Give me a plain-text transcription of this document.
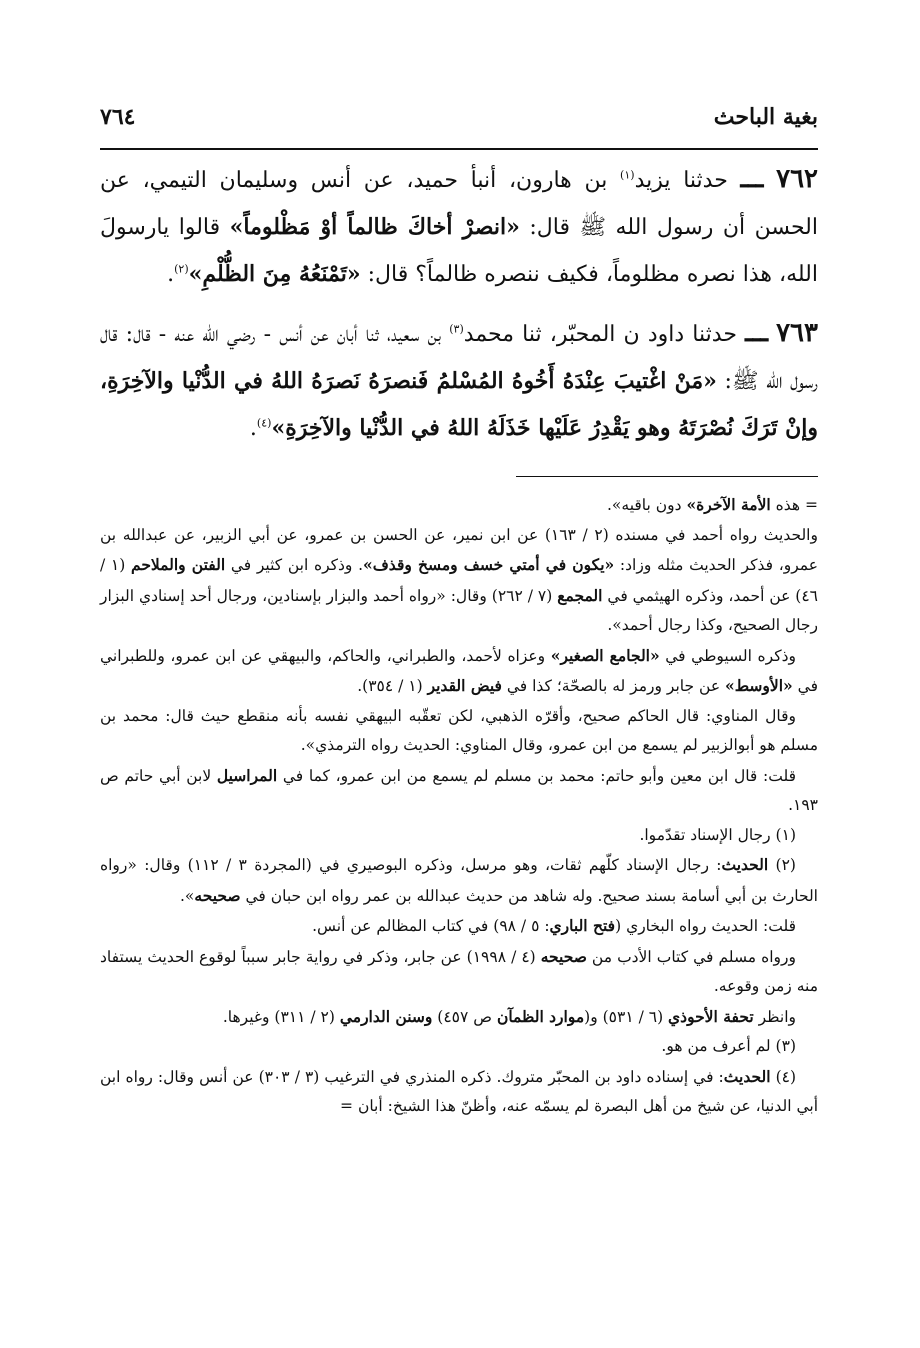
بغية الباحث
٧٦٤

٧٦٢ ـــ حدثنا يزيد$^{(١)}$ بن هارون، أنبأ حميد، عن أنس وسليمان التيمي، عن الحسن أن رسول الله ﷺ قال: «انصرْ أخاكَ ظالماً أوْ مَظْلوماً» قالوا يارسولَ الله، هذا نصره مظلوماً، فكيف ننصره ظالماً؟ قال: «تَمْنَعُهُ مِنَ الظُّلْمِ»$^{(٢)}$.

٧٦٣ ـــ حدثنا داود ن المحبّر، ثنا محمد$^{(٣)}$ بن سعيد، ثنا أبان عن أنس - رضي الله عنه - قال: قال رسول الله ﷺ: «مَنْ اغْتيبَ عِنْدَهُ أَخُوهُ المُسْلمُ فَنصرَهُ نَصرَهُ اللهُ في الدُّنْيا والآخِرَةِ، وإنْ تَرَكَ نُصْرَتَهُ وهو يَقْدِرُ عَلَيْها خَذَلَهُ اللهُ في الدُّنْيا والآخِرَةِ»$^{(٤)}$.

= هذه الأمة الآخرة» دون باقيه».

والحديث رواه أحمد في مسنده (٢ / ١٦٣) عن ابن نمير، عن الحسن بن عمرو، عن أبي الزبير، عن عبدالله بن عمرو، فذكر الحديث مثله وزاد: «يكون في أمتي خسف ومسخ وقذف». وذكره ابن كثير في الفتن والملاحم (١ / ٤٦) عن أحمد، وذكره الهيثمي في المجمع (٧ / ٢٦٢) وقال: «رواه أحمد والبزار بإسنادين، ورجال أحد إسنادي البزار رجال الصحيح، وكذا رجال أحمد».

وذكره السيوطي في «الجامع الصغير» وعزاه لأحمد، والطبراني، والحاكم، والبيهقي عن ابن عمرو، وللطبراني في «الأوسط» عن جابر ورمز له بالصحّة؛ كذا في فيض القدير (١ / ٣٥٤).

وقال المناوي: قال الحاكم صحيح، وأقرّه الذهبي، لكن تعقّبه البيهقي نفسه بأنه منقطع حيث قال: محمد بن مسلم هو أبوالزبير لم يسمع من ابن عمرو، وقال المناوي: الحديث رواه الترمذي».

قلت: قال ابن معين وأبو حاتم: محمد بن مسلم لم يسمع من ابن عمرو، كما في المراسيل لابن أبي حاتم ص ١٩٣.

(١) رجال الإسناد تقدّموا.

(٢) الحديث: رجال الإسناد كلّهم ثقات، وهو مرسل، وذكره البوصيري في (المجردة ٣ / ١١٢) وقال: «رواه الحارث بن أبي أسامة بسند صحيح. وله شاهد من حديث عبدالله بن عمر رواه ابن حبان في صحيحه».

قلت: الحديث رواه البخاري (فتح الباري: ٥ / ٩٨) في كتاب المظالم عن أنس.

ورواه مسلم في كتاب الأدب من صحيحه (٤ / ١٩٩٨) عن جابر، وذكر في رواية جابر سبباً لوقوع الحديث يستفاد منه زمن وقوعه.

وانظر تحفة الأحوذي (٦ / ٥٣١) و(موارد الظمآن ص ٤٥٧) وسنن الدارمي (٢ / ٣١١) وغيرها.

(٣) لم أعرف من هو.

(٤) الحديث: في إسناده داود بن المحبّر متروك. ذكره المنذري في الترغيب (٣ / ٣٠٣) عن أنس وقال: رواه ابن أبي الدنيا، عن شيخ من أهل البصرة لم يسمّه عنه، وأظنّ هذا الشيخ: أبان =
